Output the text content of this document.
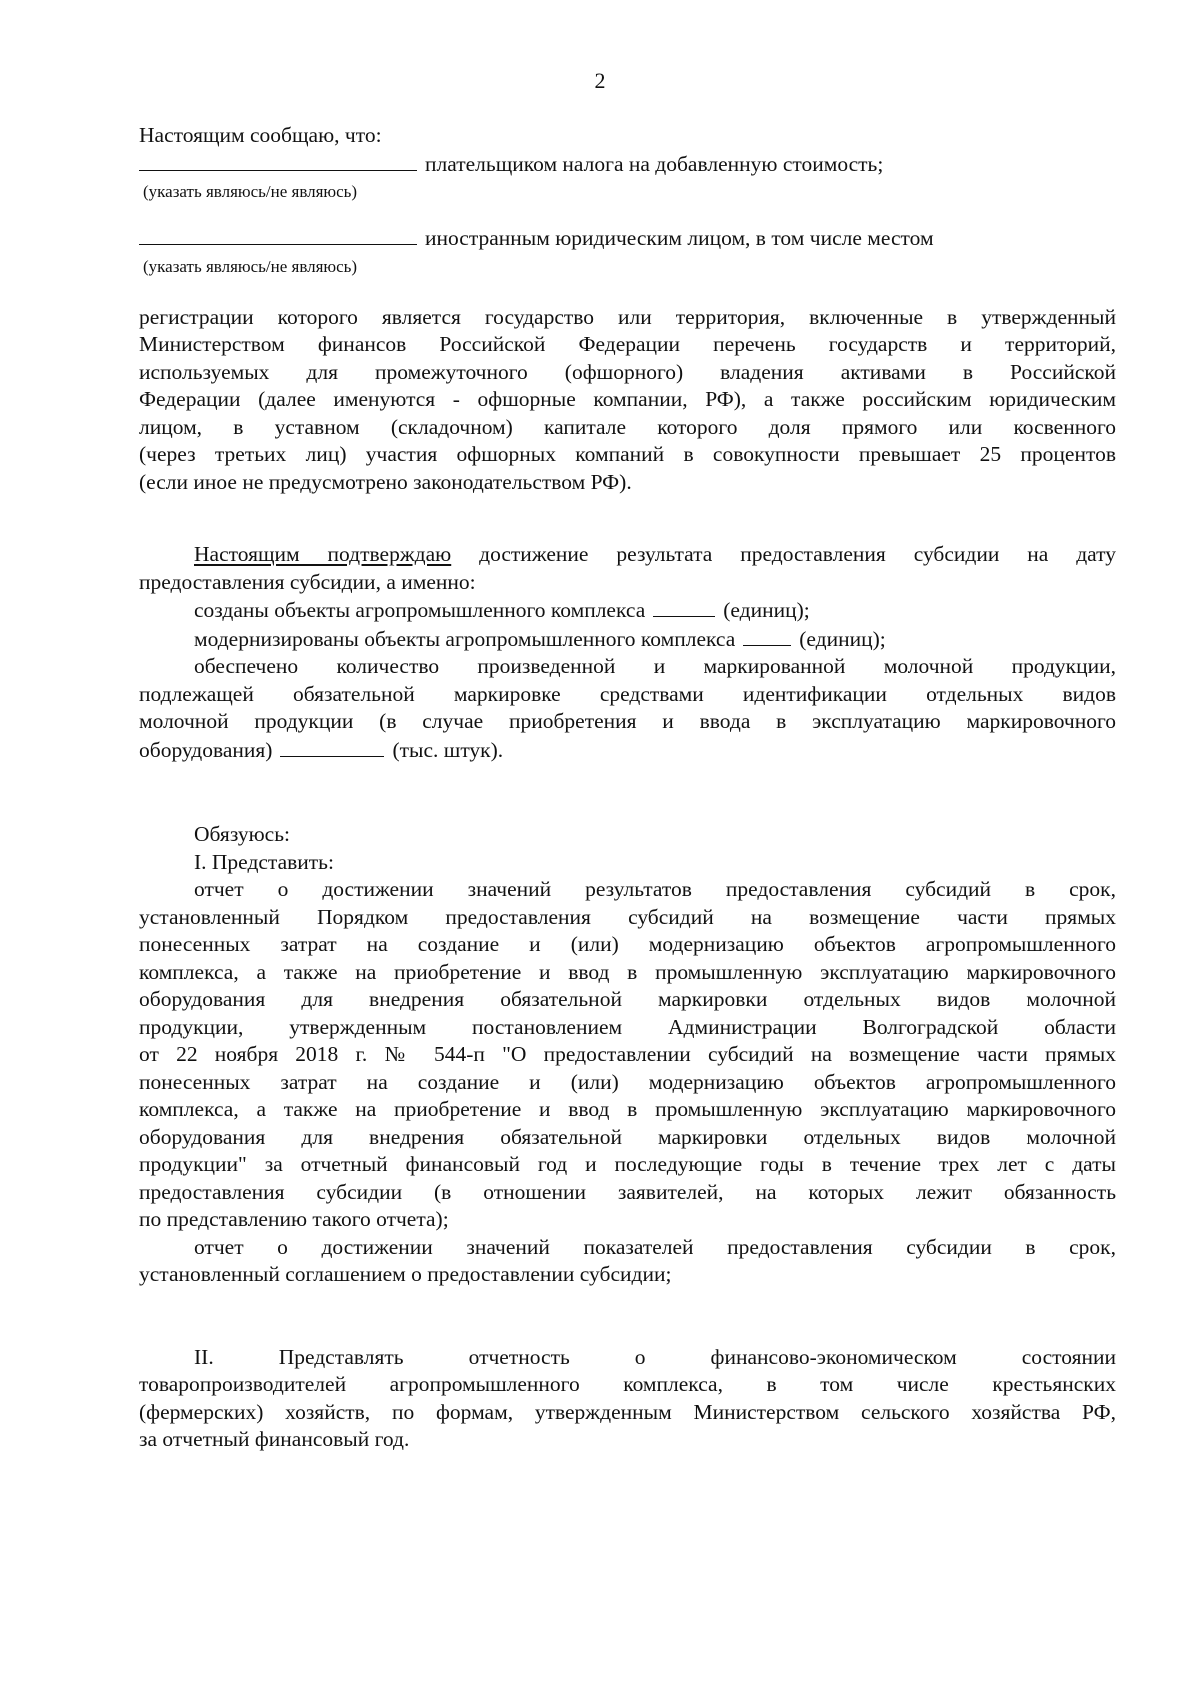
2

Настоящим сообщаю, что:

плательщиком налога на добавленную стоимость;
(указать являюсь/не являюсь)
иностранным юридическим лицом, в том числе местом
(указать являюсь/не являюсь)

регистрации которого является государство или территория, включенные в утвержденный

Министерством финансов Российской Федерации перечень государств и территорий,

используемых для промежуточного (офшорного) владения активами в Российской

Федерации (далее именуются - офшорные компании, РФ), а также российским юридическим

лицом, в уставном (складочном) капитале которого доля прямого или косвенного

(через третьих лиц) участия офшорных компаний в совокупности превышает 25 процентов

(если иное не предусмотрено законодательством РФ).

Настоящим подтверждаю достижение результата предоставления субсидии на дату

предоставления субсидии, а именно:

созданы объекты агропромышленного комплекса	(единиц);
модернизированы объекты агропромышленного комплекса	(единиц);

обеспечено количество произведенной и маркированной молочной продукции,

подлежащей обязательной маркировке средствами идентификации отдельных видов

молочной продукции (в случае приобретения и ввода в эксплуатацию маркировочного

оборудования)	(тыс. штук).

Обязуюсь:

I. Представить:

отчет о достижении значений результатов предоставления субсидий в срок,

установленный Порядком предоставления субсидий на возмещение части прямых

понесенных затрат на создание и (или) модернизацию объектов агропромышленного

комплекса, а также на приобретение и ввод в промышленную эксплуатацию маркировочного

оборудования для внедрения обязательной маркировки отдельных видов молочной

продукции, утвержденным постановлением Администрации Волгоградской области

от 22 ноября 2018 г. № 544-п "О предоставлении субсидий на возмещение части прямых

понесенных затрат на создание и (или) модернизацию объектов агропромышленного

комплекса, а также на приобретение и ввод в промышленную эксплуатацию маркировочного

оборудования для внедрения обязательной маркировки отдельных видов молочной

продукции" за отчетный финансовый год и последующие годы в течение трех лет с даты

предоставления субсидии (в отношении заявителей, на которых лежит обязанность

по представлению такого отчета);

отчет о достижении значений показателей предоставления субсидии в срок,

установленный соглашением о предоставлении субсидии;

II. Представлять отчетность о финансово-экономическом состоянии

товаропроизводителей агропромышленного комплекса, в том числе крестьянских

(фермерских) хозяйств, по формам, утвержденным Министерством сельского хозяйства РФ,

за отчетный финансовый год.
